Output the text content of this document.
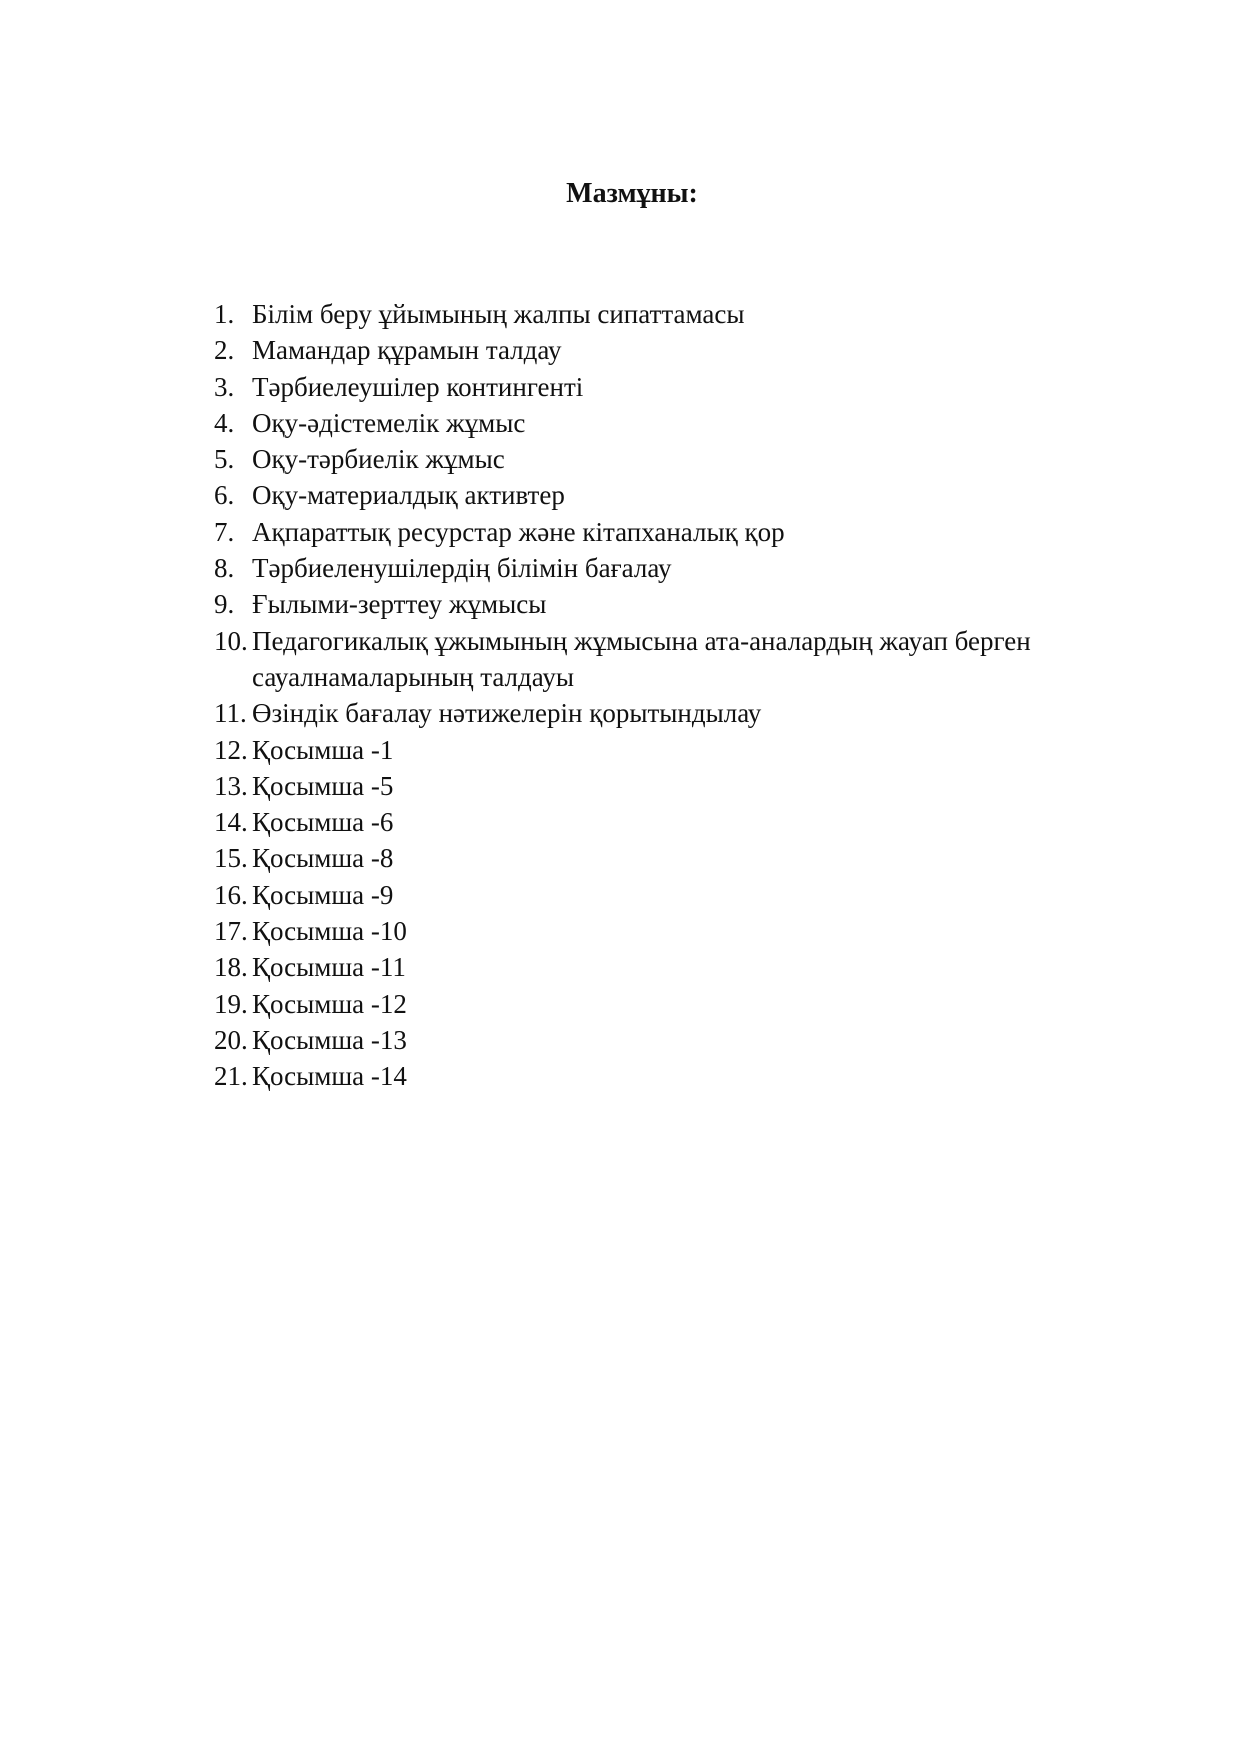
Мазмұны:
1. Білім беру ұйымының жалпы сипаттамасы
2. Мамандар құрамын талдау
3. Тәрбиелеушілер контингенті
4. Оқу-әдістемелік жұмыс
5. Оқу-тәрбиелік жұмыс
6. Оқу-материалдық активтер
7. Ақпараттық ресурстар және кітапханалық қор
8. Тәрбиеленушілердің білімін бағалау
9. Ғылыми-зерттеу жұмысы
10. Педагогикалық ұжымының жұмысына ата-аналардың жауап берген сауалнамаларының талдауы
11. Өзіндік бағалау нәтижелерін қорытындылау
12. Қосымша -1
13. Қосымша -5
14. Қосымша -6
15. Қосымша -8
16. Қосымша -9
17. Қосымша -10
18. Қосымша -11
19. Қосымша -12
20. Қосымша -13
21. Қосымша -14
